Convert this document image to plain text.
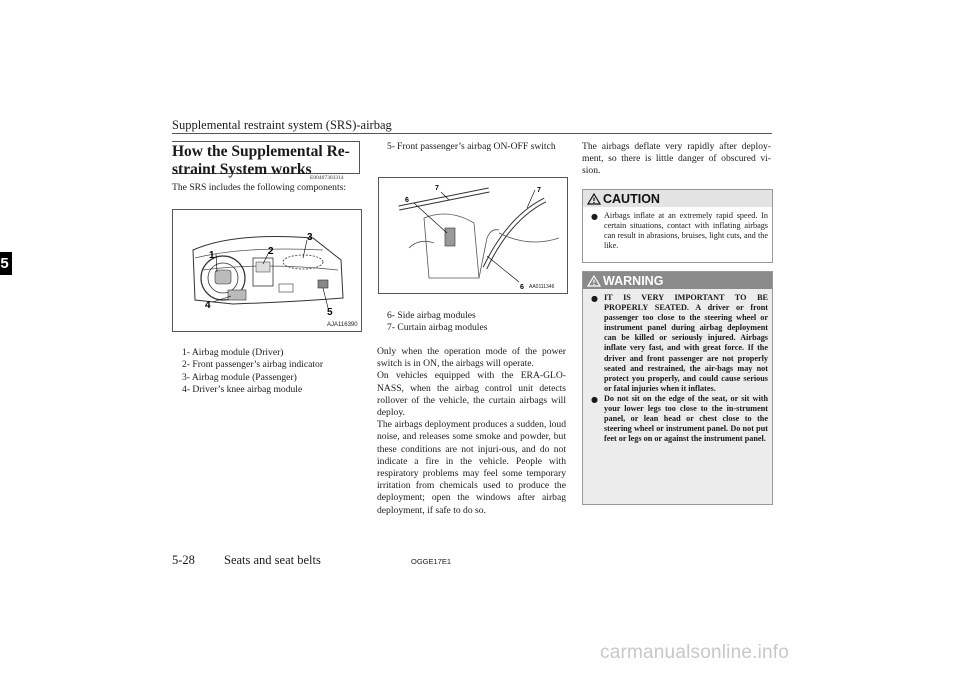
Supplemental restraint system (SRS)-airbag
5
How the Supplemental Re-
straint System works
E00407303314
The SRS includes the following components:
1	2
3
4
5
AJA116390
1- Airbag module (Driver)
2- Front passenger’s airbag indicator
3- Airbag module (Passenger)
4- Driver’s knee airbag module
5- Front passenger’s airbag ON-OFF switch
6
7	7
6 AA0111346
6- Side airbag modules
7- Curtain airbag modules
Only when the operation mode of the power switch is in ON, the airbags will operate.
On vehicles equipped with the ERA-GLO-NASS, when the airbag control unit detects rollover of the vehicle, the curtain airbags will deploy.
The airbags deployment produces a sudden, loud noise, and releases some smoke and powder, but these conditions are not injuri-ous, and do not indicate a fire in the vehicle. People with respiratory problems may feel some temporary irritation from chemicals used to produce the deployment; open the windows after airbag deployment, if safe to do so.
The airbags deflate very rapidly after deploy-ment, so there is little danger of obscured vi-sion.
CAUTION
● Airbags inflate at an extremely rapid speed. In certain situations, contact with inflating airbags can result in abrasions, bruises, light cuts, and the like.
WARNING
● IT IS VERY IMPORTANT TO BE PROPERLY SEATED. A driver or front passenger too close to the steering wheel or instrument panel during airbag deployment can be killed or seriously injured. Airbags inflate very fast, and with great force. If the driver and front passenger are not properly seated and restrained, the air-bags may not protect you properly, and could cause serious or fatal injuries when it inflates.
● Do not sit on the edge of the seat, or sit with your lower legs too close to the in-strument panel, or lean head or chest close to the steering wheel or instrument panel. Do not put feet or legs on or against the instrument panel.
5-28 Seats and seat belts	OGGE17E1
carmanualsonline.info
